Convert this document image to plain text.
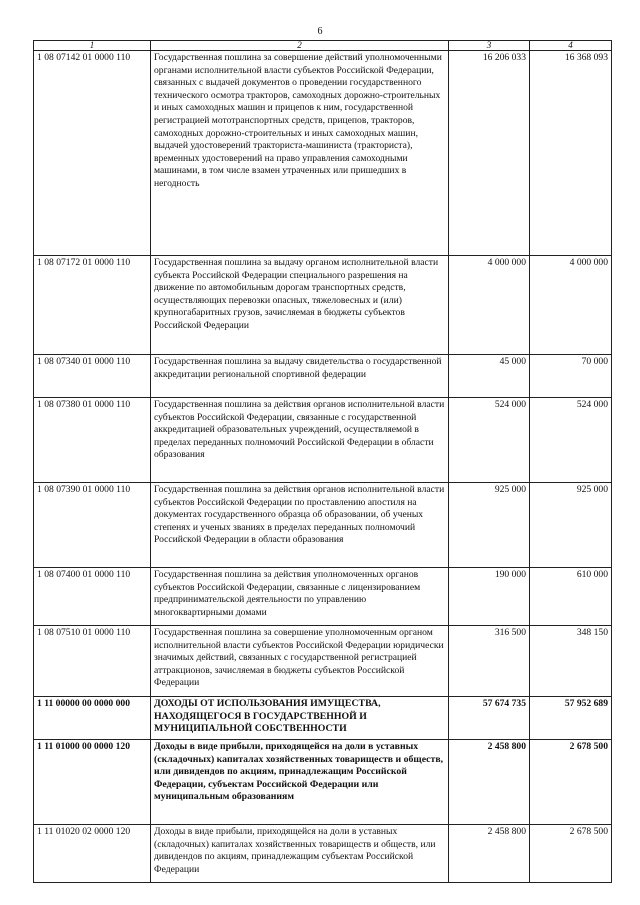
6
1	2	3	4
1 08 07142 01 0000 110	Государственная пошлина за совершение действий уполномоченными органами исполнительной власти субъектов Российской Федерации, связанных с выдачей документов о проведении государственного технического осмотра тракторов, самоходных дорожно-строительных и иных самоходных машин и прицепов к ним, государственной регистрацией мототранспортных средств, прицепов, тракторов, самоходных дорожно-строительных и иных самоходных машин, выдачей удостоверений тракториста-машиниста (тракториста), временных удостоверений на право управления самоходными машинами, в том числе взамен утраченных или пришедших в негодность	16 206 033	16 368 093
1 08 07172 01 0000 110	Государственная пошлина за выдачу органом исполнительной власти субъекта Российской Федерации специального разрешения на движение по автомобильным дорогам транспортных средств, осуществляющих перевозки опасных, тяжеловесных и (или) крупногабаритных грузов, зачисляемая в бюджеты субъектов Российской Федерации	4 000 000	4 000 000
1 08 07340 01 0000 110	Государственная пошлина за выдачу свидетельства о государственной аккредитации региональной спортивной федерации	45 000	70 000
1 08 07380 01 0000 110	Государственная пошлина за действия органов исполнительной власти субъектов Российской Федерации, связанные с государственной аккредитацией образовательных учреждений, осуществляемой в пределах переданных полномочий Российской Федерации в области образования	524 000	524 000
1 08 07390 01 0000 110	Государственная пошлина за действия органов исполнительной власти субъектов Российской Федерации по проставлению апостиля на документах государственного образца об образовании, об ученых степенях и ученых званиях в пределах переданных полномочий Российской Федерации в области образования	925 000	925 000
1 08 07400 01 0000 110	Государственная пошлина за действия уполномоченных органов субъектов Российской Федерации, связанные с лицензированием предпринимательской деятельности по управлению многоквартирными домами	190 000	610 000
1 08 07510 01 0000 110	Государственная пошлина за совершение уполномоченным органом исполнительной власти субъектов Российской Федерации юридически значимых действий, связанных с государственной регистрацией аттракционов, зачисляемая в бюджеты субъектов Российской Федерации	316 500	348 150
1 11 00000 00 0000 000	ДОХОДЫ ОТ ИСПОЛЬЗОВАНИЯ ИМУЩЕСТВА, НАХОДЯЩЕГОСЯ В ГОСУДАРСТВЕННОЙ И МУНИЦИПАЛЬНОЙ СОБСТВЕННОСТИ	57 674 735	57 952 689
1 11 01000 00 0000 120	Доходы в виде прибыли, приходящейся на доли в уставных (складочных) капиталах хозяйственных товариществ и обществ, или дивидендов по акциям, принадлежащим Российской Федерации, субъектам Российской Федерации или муниципальным образованиям	2 458 800	2 678 500
1 11 01020 02 0000 120	Доходы в виде прибыли, приходящейся на доли в уставных (складочных) капиталах хозяйственных товариществ и обществ, или дивидендов по акциям, принадлежащим субъектам Российской Федерации	2 458 800	2 678 500
